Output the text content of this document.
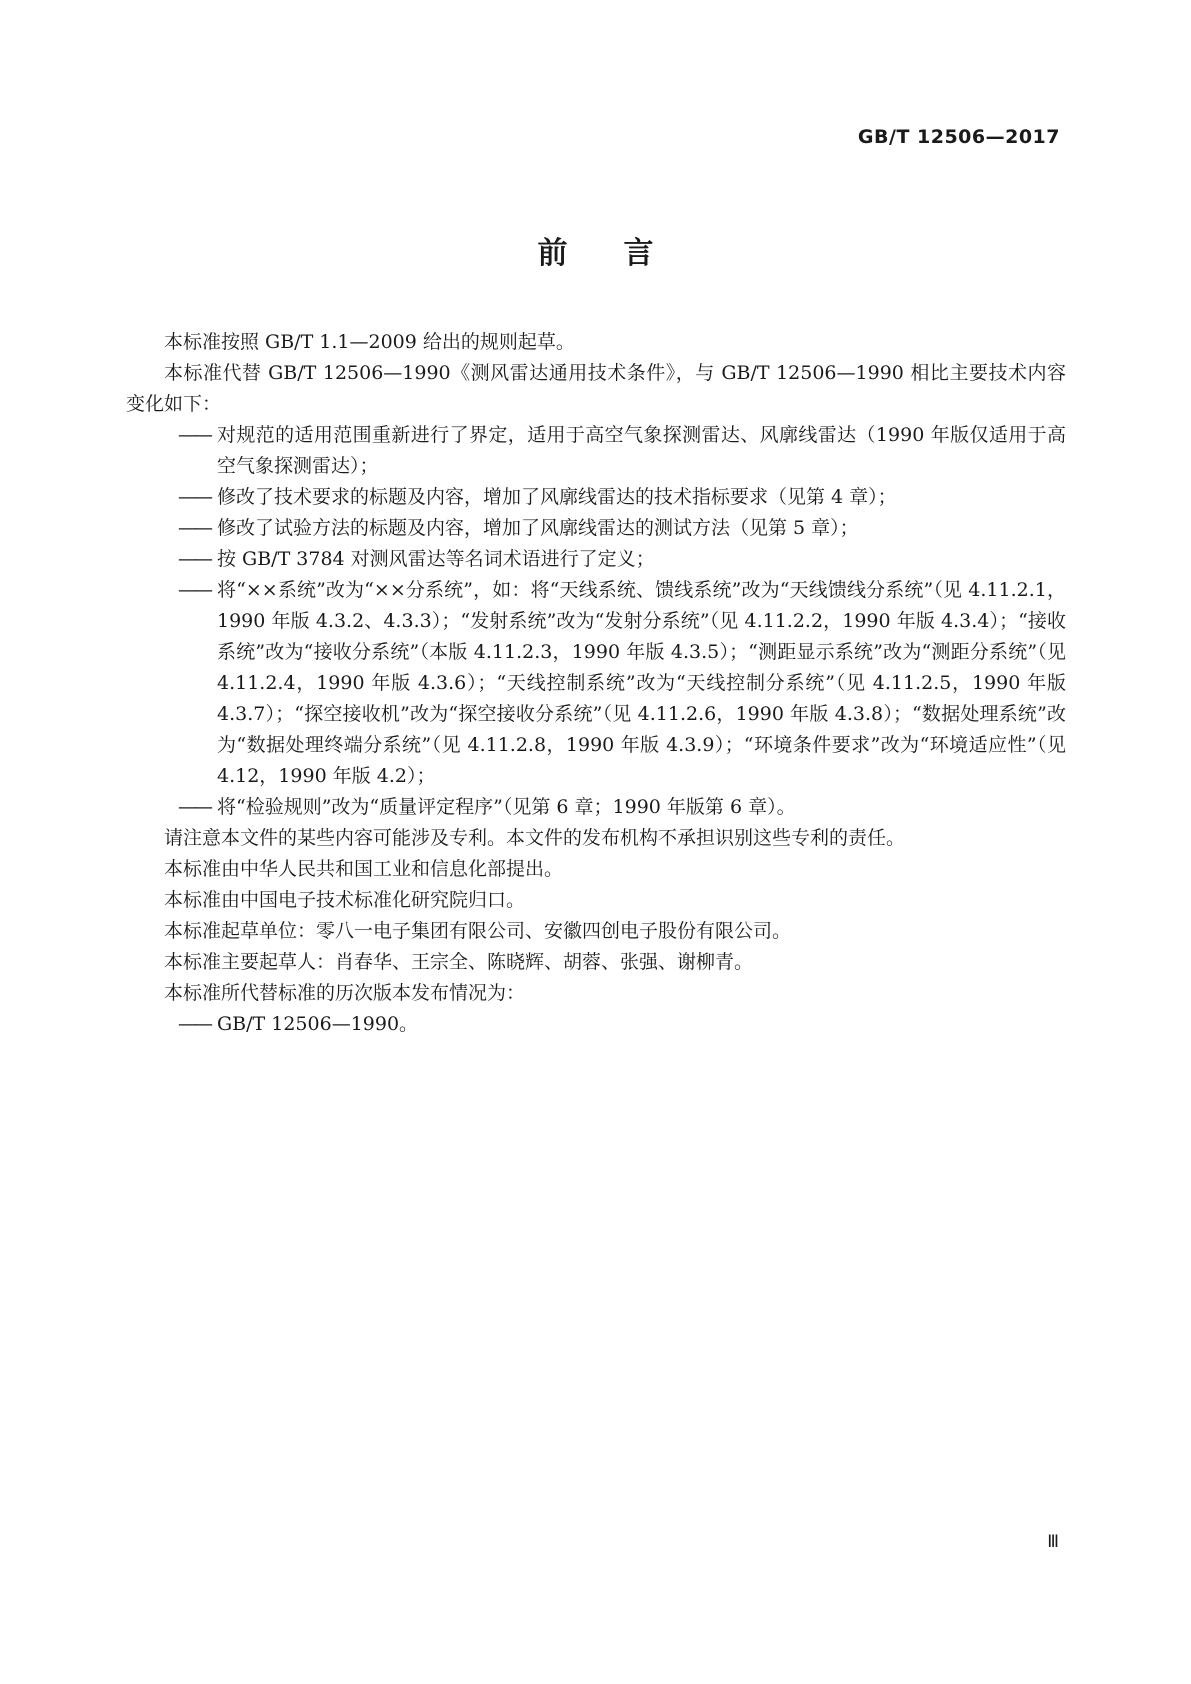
GB/T 12506—2017
前言

本标准按照 GB/T 1.1—2009 给出的规则起草。

本标准代替 GB/T 12506—1990《测风雷达通用技术条件》，与 GB/T 12506—1990 相比主要技术内容变化如下：

—— 对规范的适用范围重新进行了界定，适用于高空气象探测雷达、风廓线雷达（1990 年版仅适用于高空气象探测雷达）；
—— 修改了技术要求的标题及内容，增加了风廓线雷达的技术指标要求（见第 4 章）；
—— 修改了试验方法的标题及内容，增加了风廓线雷达的测试方法（见第 5 章）；
—— 按 GB/T 3784 对测风雷达等名词术语进行了定义；
—— 将“××系统”改为“××分系统”，如：将“天线系统、馈线系统”改为“天线馈线分系统”（见 4.11.2.1，1990 年版 4.3.2、4.3.3）；“发射系统”改为“发射分系统”（见 4.11.2.2，1990 年版 4.3.4）；“接收系统”改为“接收分系统”（本版 4.11.2.3，1990 年版 4.3.5）；“测距显示系统”改为“测距分系统”（见 4.11.2.4，1990 年版 4.3.6）；“天线控制系统”改为“天线控制分系统”（见 4.11.2.5，1990 年版 4.3.7）；“探空接收机”改为“探空接收分系统”（见 4.11.2.6，1990 年版 4.3.8）；“数据处理系统”改为“数据处理终端分系统”（见 4.11.2.8，1990 年版 4.3.9）；“环境条件要求”改为“环境适应性”（见 4.12，1990 年版 4.2）；
—— 将“检验规则”改为“质量评定程序”（见第 6 章；1990 年版第 6 章）。

请注意本文件的某些内容可能涉及专利。本文件的发布机构不承担识别这些专利的责任。

本标准由中华人民共和国工业和信息化部提出。

本标准由中国电子技术标准化研究院归口。

本标准起草单位：零八一电子集团有限公司、安徽四创电子股份有限公司。

本标准主要起草人：肖春华、王宗全、陈晓辉、胡蓉、张强、谢柳青。

本标准所代替标准的历次版本发布情况为：

—— GB/T 12506—1990。
Ⅲ
